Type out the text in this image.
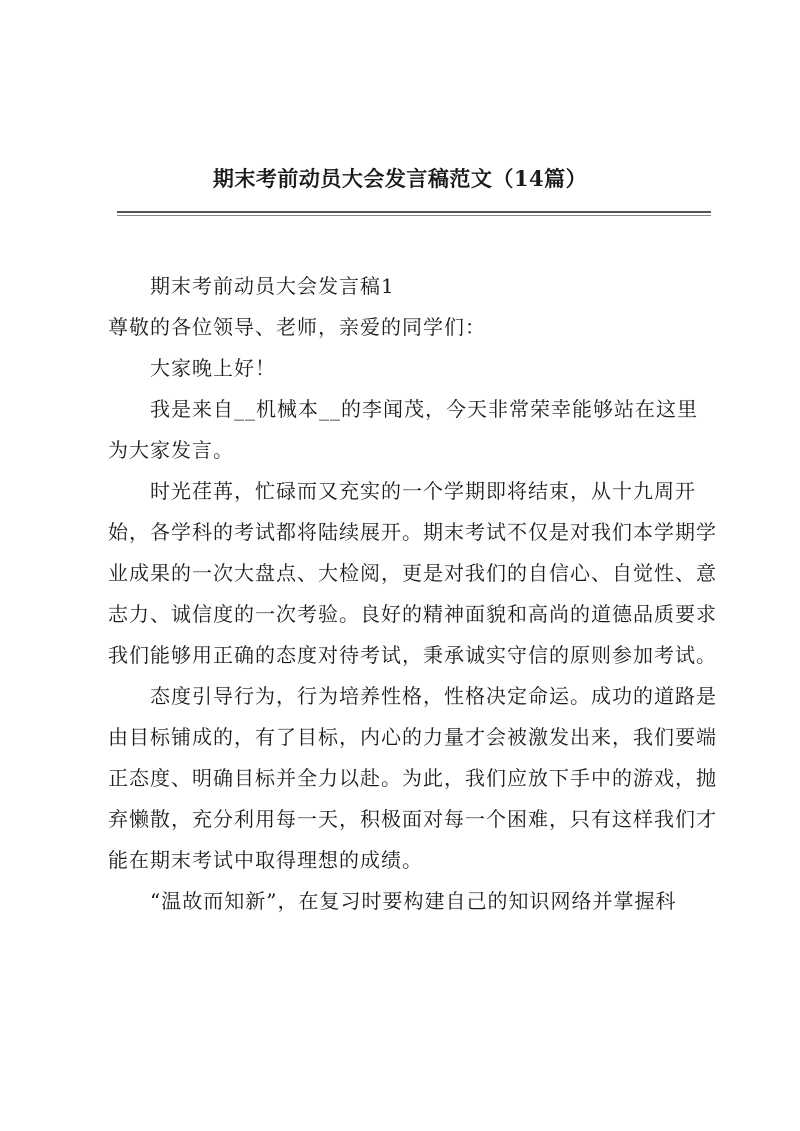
期末考前动员大会发言稿范文（14篇）

期末考前动员大会发言稿1

尊敬的各位领导、老师，亲爱的同学们：

大家晚上好！

我是来自__机械本__的李闻茂，今天非常荣幸能够站在这里为大家发言。

时光荏苒，忙碌而又充实的一个学期即将结束，从十九周开始，各学科的考试都将陆续展开。期末考试不仅是对我们本学期学业成果的一次大盘点、大检阅，更是对我们的自信心、自觉性、意志力、诚信度的一次考验。良好的精神面貌和高尚的道德品质要求我们能够用正确的态度对待考试，秉承诚实守信的原则参加考试。

态度引导行为，行为培养性格，性格决定命运。成功的道路是由目标铺成的，有了目标，内心的力量才会被激发出来，我们要端正态度、明确目标并全力以赴。为此，我们应放下手中的游戏，抛弃懒散，充分利用每一天，积极面对每一个困难，只有这样我们才能在期末考试中取得理想的成绩。

“温故而知新”，在复习时要构建自己的知识网络并掌握科
